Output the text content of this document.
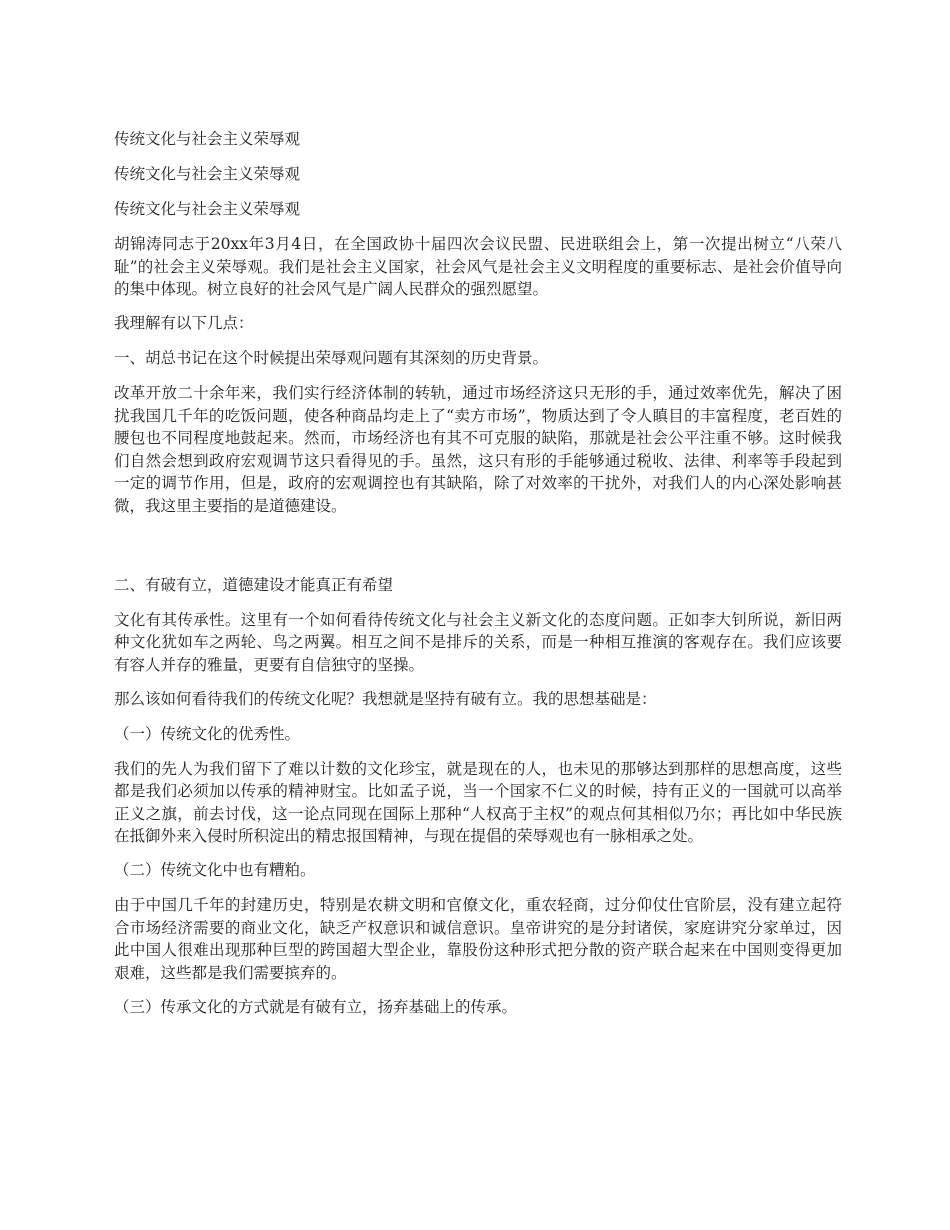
传统文化与社会主义荣辱观

传统文化与社会主义荣辱观

传统文化与社会主义荣辱观

胡锦涛同志于20xx年3月4日，在全国政协十届四次会议民盟、民进联组会上，第一次提出树立“八荣八耻”的社会主义荣辱观。我们是社会主义国家，社会风气是社会主义文明程度的重要标志、是社会价值导向的集中体现。树立良好的社会风气是广阔人民群众的强烈愿望。

我理解有以下几点：

一、胡总书记在这个时候提出荣辱观问题有其深刻的历史背景。

改革开放二十余年来，我们实行经济体制的转轨，通过市场经济这只无形的手，通过效率优先，解决了困扰我国几千年的吃饭问题，使各种商品均走上了“卖方市场”，物质达到了令人瞋目的丰富程度，老百姓的腰包也不同程度地鼓起来。然而，市场经济也有其不可克服的缺陷，那就是社会公平注重不够。这时候我们自然会想到政府宏观调节这只看得见的手。虽然，这只有形的手能够通过税收、法律、利率等手段起到一定的调节作用，但是，政府的宏观调控也有其缺陷，除了对效率的干扰外，对我们人的内心深处影响甚微，我这里主要指的是道德建设。

二、有破有立，道德建设才能真正有希望

文化有其传承性。这里有一个如何看待传统文化与社会主义新文化的态度问题。正如李大钊所说，新旧两种文化犹如车之两轮、鸟之两翼。相互之间不是排斥的关系，而是一种相互推演的客观存在。我们应该要有容人并存的雅量，更要有自信独守的坚操。

那么该如何看待我们的传统文化呢？我想就是坚持有破有立。我的思想基础是：

（一）传统文化的优秀性。

我们的先人为我们留下了难以计数的文化珍宝，就是现在的人，也未见的那够达到那样的思想高度，这些都是我们必须加以传承的精神财宝。比如孟子说，当一个国家不仁义的时候，持有正义的一国就可以高举正义之旗，前去讨伐，这一论点同现在国际上那种“人权高于主权”的观点何其相似乃尔；再比如中华民族在抵御外来入侵时所积淀出的精忠报国精神，与现在提倡的荣辱观也有一脉相承之处。

（二）传统文化中也有糟粕。

由于中国几千年的封建历史，特别是农耕文明和官僚文化，重农轻商，过分仰仗仕官阶层，没有建立起符合市场经济需要的商业文化，缺乏产权意识和诚信意识。皇帝讲究的是分封诸侯，家庭讲究分家单过，因此中国人很难出现那种巨型的跨国超大型企业，靠股份这种形式把分散的资产联合起来在中国则变得更加艰难，这些都是我们需要摈弃的。

（三）传承文化的方式就是有破有立，扬弃基础上的传承。
